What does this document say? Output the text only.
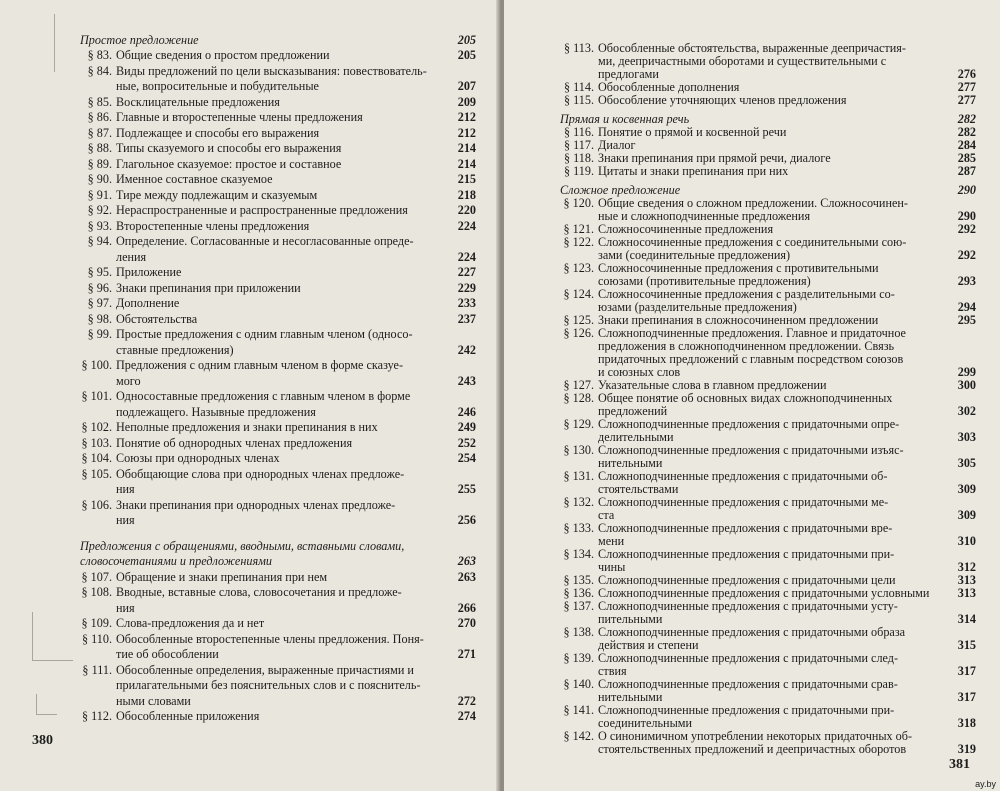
Простое предложение	205
§ 83. Общие сведения о простом предложении	205
§ 84. Виды предложений по цели высказывания: повествователь-
ные, вопросительные и побудительные	207
§ 85. Восклицательные предложения	209
§ 86. Главные и второстепенные члены предложения	212
§ 87. Подлежащее и способы его выражения	212
§ 88. Типы сказуемого и способы его выражения	214
§ 89. Глагольное сказуемое: простое и составное	214
§ 90. Именное составное сказуемое	215
§ 91. Тире между подлежащим и сказуемым	218
§ 92. Нераспространенные и распространенные предложения	220
§ 93. Второстепенные члены предложения	224
§ 94. Определение. Согласованные и несогласованные опреде-
ления	224
§ 95. Приложение	227
§ 96. Знаки препинания при приложении	229
§ 97. Дополнение	233
§ 98. Обстоятельства	237
§ 99. Простые предложения с одним главным членом (односо-
ставные предложения)	242
§ 100. Предложения с одним главным членом в форме сказуе-
мого	243
§ 101. Односоставные предложения с главным членом в форме
подлежащего. Назывные предложения	246
§ 102. Неполные предложения и знаки препинания в них	249
§ 103. Понятие об однородных членах предложения	252
§ 104. Союзы при однородных членах	254
§ 105. Обобщающие слова при однородных членах предложе-
ния	255
§ 106. Знаки препинания при однородных членах предложе-
ния	256
Предложения с обращениями, вводными, вставными словами,
словосочетаниями и предложениями	263
§ 107. Обращение и знаки препинания при нем	263
§ 108. Вводные, вставные слова, словосочетания и предложе-
ния	266
§ 109. Слова-предложения да и нет	270
§ 110. Обособленные второстепенные члены предложения. Поня-
тие об обособлении	271
§ 111. Обособленные определения, выраженные причастиями и
прилагательными без пояснительных слов и с пояснитель-
ными словами	272
§ 112. Обособленные приложения	274
380
§ 113. Обособленные обстоятельства, выраженные деепричастия-
ми, деепричастными оборотами и существительными с
предлогами	276
§ 114. Обособленные дополнения	277
§ 115. Обособление уточняющих членов предложения	277
Прямая и косвенная речь	282
§ 116. Понятие о прямой и косвенной речи	282
§ 117. Диалог	284
§ 118. Знаки препинания при прямой речи, диалоге	285
§ 119. Цитаты и знаки препинания при них	287
Сложное предложение	290
§ 120. Общие сведения о сложном предложении. Сложносочинен-
ные и сложноподчиненные предложения	290
§ 121. Сложносочиненные предложения	292
§ 122. Сложносочиненные предложения с соединительными сою-
зами (соединительные предложения)	292
§ 123. Сложносочиненные предложения с противительными
союзами (противительные предложения)	293
§ 124. Сложносочиненные предложения с разделительными со-
юзами (разделительные предложения)	294
§ 125. Знаки препинания в сложносочиненном предложении	295
§ 126. Сложноподчиненные предложения. Главное и придаточное
предложения в сложноподчиненном предложении. Связь
придаточных предложений с главным посредством союзов
и союзных слов	299
§ 127. Указательные слова в главном предложении	300
§ 128. Общее понятие об основных видах сложноподчиненных
предложений	302
§ 129. Сложноподчиненные предложения с придаточными опре-
делительными	303
§ 130. Сложноподчиненные предложения с придаточными изъяс-
нительными	305
§ 131. Сложноподчиненные предложения с придаточными об-
стоятельствами	309
§ 132. Сложноподчиненные предложения с придаточными ме-
ста	309
§ 133. Сложноподчиненные предложения с придаточными вре-
мени	310
§ 134. Сложноподчиненные предложения с придаточными при-
чины	312
§ 135. Сложноподчиненные предложения с придаточными цели	313
§ 136. Сложноподчиненные предложения с придаточными условными	313
§ 137. Сложноподчиненные предложения с придаточными усту-
пительными	314
§ 138. Сложноподчиненные предложения с придаточными образа
действия и степени	315
§ 139. Сложноподчиненные предложения с придаточными след-
ствия	317
§ 140. Сложноподчиненные предложения с придаточными срав-
нительными	317
§ 141. Сложноподчиненные предложения с придаточными при-
соединительными	318
§ 142. О синонимичном употреблении некоторых придаточных об-
стоятельственных предложений и деепричастных оборотов	319
381
ay.by
